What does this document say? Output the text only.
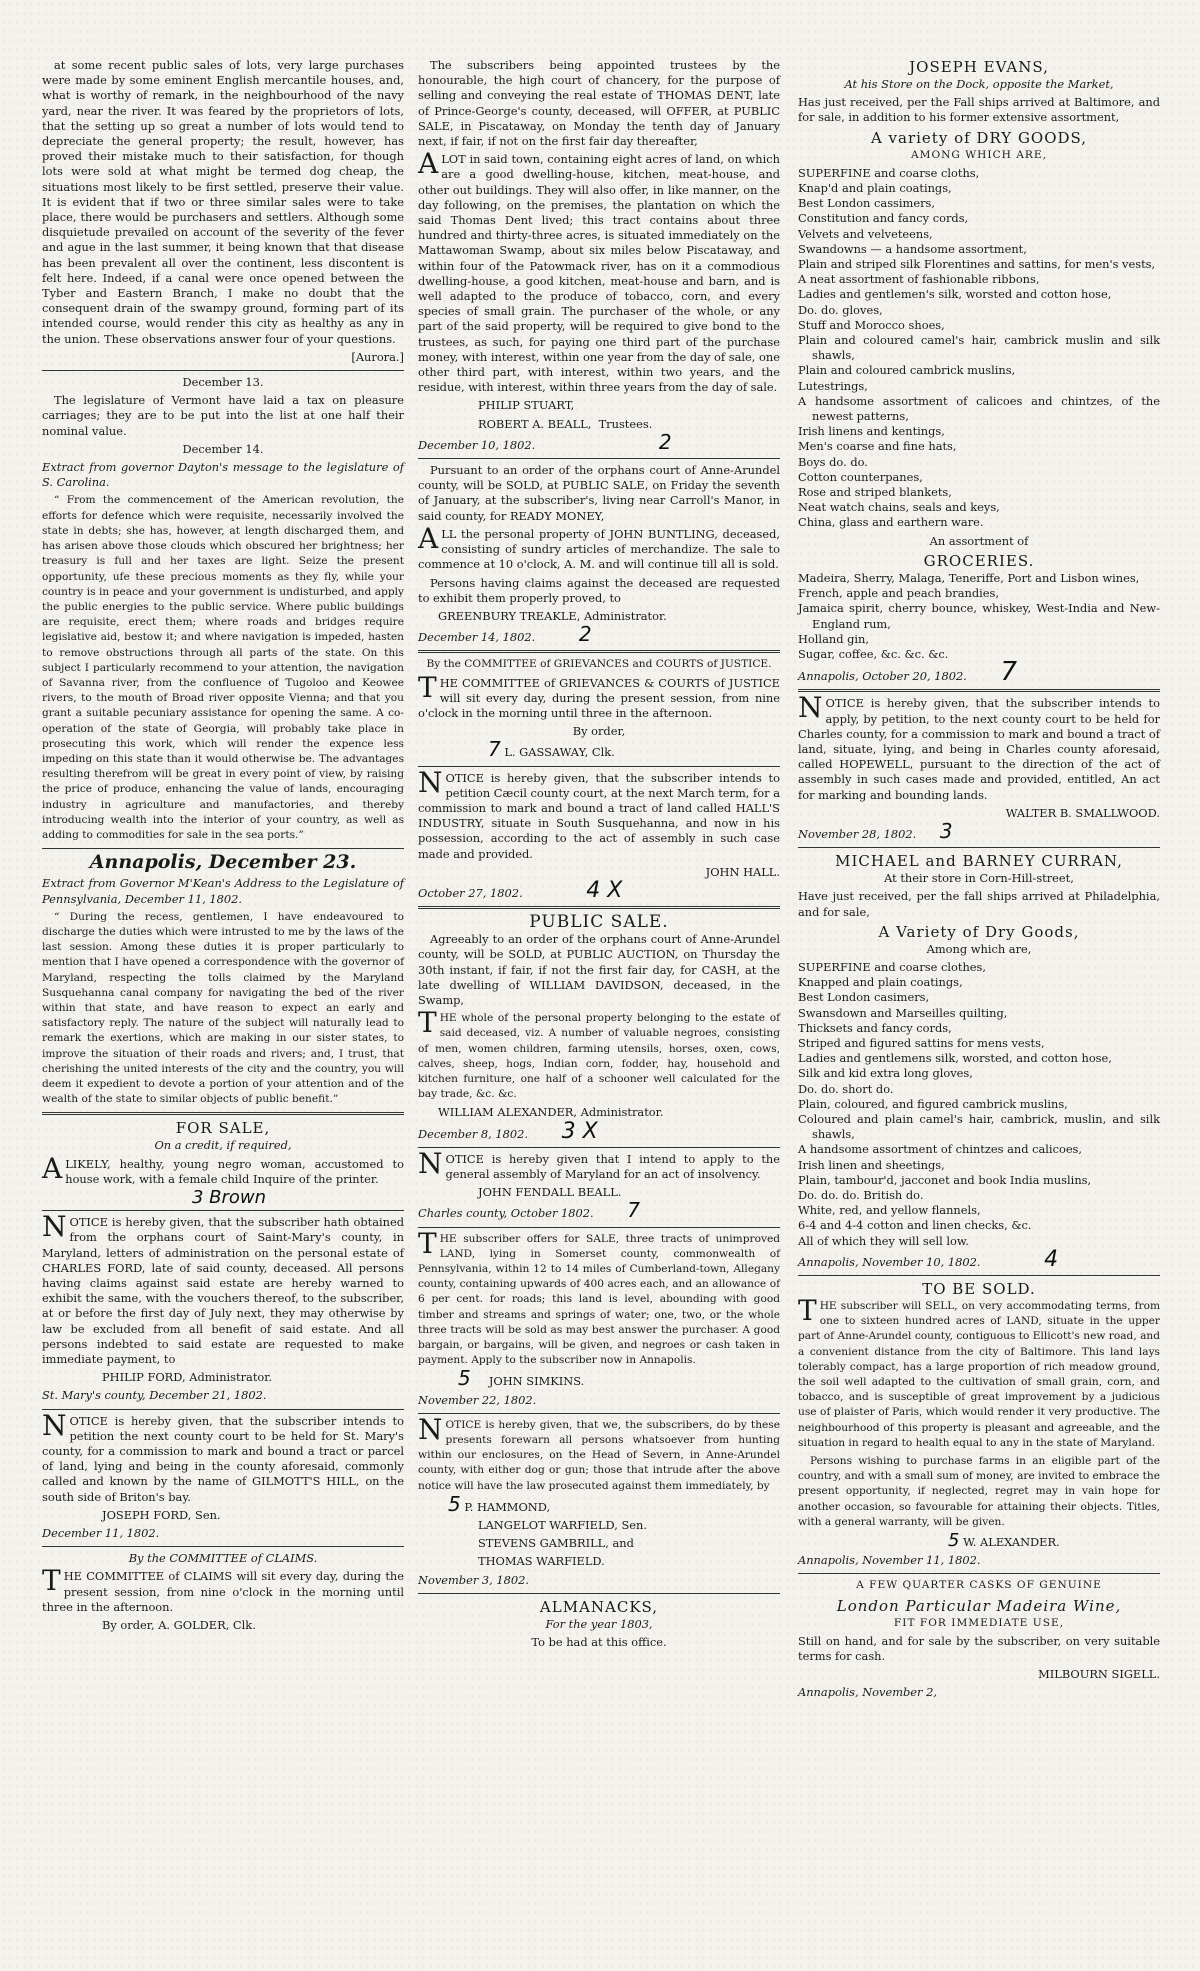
at some recent public sales of lots, very large purchases were made by some eminent English mercantile houses, and, what is worthy of remark, in the neighbourhood of the navy yard, near the river. It was feared by the proprietors of lots, that the setting up so great a number of lots would tend to depreciate the general property; the result, however, has proved their mistake much to their satisfaction, for though lots were sold at what might be termed dog cheap, the situations most likely to be first settled, preserve their value. It is evident that if two or three similar sales were to take place, there would be purchasers and settlers. Although some disquietude prevailed on account of the severity of the fever and ague in the last summer, it being known that that disease has been prevalent all over the continent, less discontent is felt here. Indeed, if a canal were once opened between the Tyber and Eastern Branch, I make no doubt that the consequent drain of the swampy ground, forming part of its intended course, would render this city as healthy as any in the union. These observations answer four of your questions.

[Aurora.]

December 13.

The legislature of Vermont have laid a tax on pleasure carriages; they are to be put into the list at one half their nominal value.

December 14.

Extract from governor Dayton's message to the legislature of S. Carolina.

“ From the commencement of the American revolution, the efforts for defence which were requisite, necessarily involved the state in debts; she has, however, at length discharged them, and has arisen above those clouds which obscured her brightness; her treasury is full and her taxes are light. Seize the present opportunity, ufe these precious moments as they fly, while your country is in peace and your government is undisturbed, and apply the public energies to the public service. Where public buildings are requisite, erect them; where roads and bridges require legislative aid, bestow it; and where navigation is impeded, hasten to remove obstructions through all parts of the state. On this subject I particularly recommend to your attention, the navigation of Savanna river, from the confluence of Tugoloo and Keowee rivers, to the mouth of Broad river opposite Vienna; and that you grant a suitable pecuniary assistance for opening the same. A co-operation of the state of Georgia, will probably take place in prosecuting this work, which will render the expence less impeding on this state than it would otherwise be. The advantages resulting therefrom will be great in every point of view, by raising the price of produce, enhancing the value of lands, encouraging industry in agriculture and manufactories, and thereby introducing wealth into the interior of your country, as well as adding to commodities for sale in the sea ports.”

Annapolis, December 23.

Extract from Governor M'Kean's Address to the Legislature of Pennsylvania, December 11, 1802.

“ During the recess, gentlemen, I have endeavoured to discharge the duties which were intrusted to me by the laws of the last session. Among these duties it is proper particularly to mention that I have opened a correspondence with the governor of Maryland, respecting the tolls claimed by the Maryland Susquehanna canal company for navigating the bed of the river within that state, and have reason to expect an early and satisfactory reply. The nature of the subject will naturally lead to remark the exertions, which are making in our sister states, to improve the situation of their roads and rivers; and, I trust, that cherishing the united interests of the city and the country, you will deem it expedient to devote a portion of your attention and of the wealth of the state to similar objects of public benefit.”

FOR SALE,

On a credit, if required,

ALIKELY, healthy, young negro woman, accustomed to house work, with a female child Inquire of the printer.

3 Brown

NOTICE is hereby given, that the subscriber hath obtained from the orphans court of Saint-Mary's county, in Maryland, letters of administration on the personal estate of CHARLES FORD, late of said county, deceased. All persons having claims against said estate are hereby warned to exhibit the same, with the vouchers thereof, to the subscriber, at or before the first day of July next, they may otherwise by law be excluded from all benefit of said estate. And all persons indebted to said estate are requested to make immediate payment, to

PHILIP FORD, Administrator.

St. Mary's county, December 21, 1802.

NOTICE is hereby given, that the subscriber intends to petition the next county court to be held for St. Mary's county, for a commission to mark and bound a tract or parcel of land, lying and being in the county aforesaid, commonly called and known by the name of GILMOTT'S HILL, on the south side of Briton's bay.

JOSEPH FORD, Sen.

December 11, 1802.

By the COMMITTEE of CLAIMS.

THE COMMITTEE of CLAIMS will sit every day, during the present session, from nine o'clock in the morning until three in the afternoon.

By order, A. GOLDER, Clk.

The subscribers being appointed trustees by the honourable, the high court of chancery, for the purpose of selling and conveying the real estate of THOMAS DENT, late of Prince-George's county, deceased, will OFFER, at PUBLIC SALE, in Piscataway, on Monday the tenth day of January next, if fair, if not on the first fair day thereafter,

ALOT in said town, containing eight acres of land, on which are a good dwelling-house, kitchen, meat-house, and other out buildings. They will also offer, in like manner, on the day following, on the premises, the plantation on which the said Thomas Dent lived; this tract contains about three hundred and thirty-three acres, is situated immediately on the Mattawoman Swamp, about six miles below Piscataway, and within four of the Patowmack river, has on it a commodious dwelling-house, a good kitchen, meat-house and barn, and is well adapted to the produce of tobacco, corn, and every species of small grain. The purchaser of the whole, or any part of the said property, will be required to give bond to the trustees, as such, for paying one third part of the purchase money, with interest, within one year from the day of sale, one other third part, with interest, within two years, and the residue, with interest, within three years from the day of sale.

PHILIP STUART,

ROBERT A. BEALL, Trustees.

December 10, 1802.	2

Pursuant to an order of the orphans court of Anne-Arundel county, will be SOLD, at PUBLIC SALE, on Friday the seventh of January, at the subscriber's, living near Carroll's Manor, in said county, for READY MONEY,

ALL the personal property of JOHN BUNTLING, deceased, consisting of sundry articles of merchandize. The sale to commence at 10 o'clock, A. M. and will continue till all is sold.

Persons having claims against the deceased are requested to exhibit them properly proved, to

GREENBURY TREAKLE, Administrator.

December 14, 1802. 2

By the COMMITTEE of GRIEVANCES and COURTS of JUSTICE.

THE COMMITTEE of GRIEVANCES & COURTS of JUSTICE will sit every day, during the present session, from nine o'clock in the morning until three in the afternoon.

By order,

7 L. GASSAWAY, Clk.

NOTICE is hereby given, that the subscriber intends to petition Cæcil county court, at the next March term, for a commission to mark and bound a tract of land called HALL'S INDUSTRY, situate in South Susquehanna, and now in his possession, according to the act of assembly in such case made and provided.

JOHN HALL.

October 27, 1802.	4 X

PUBLIC SALE.

Agreeably to an order of the orphans court of Anne-Arundel county, will be SOLD, at PUBLIC AUCTION, on Thursday the 30th instant, if fair, if not the first fair day, for CASH, at the late dwelling of WILLIAM DAVIDSON, deceased, in the Swamp,

THE whole of the personal property belonging to the estate of said deceased, viz. A number of valuable negroes, consisting of men, women children, farming utensils, horses, oxen, cows, calves, sheep, hogs, Indian corn, fodder, hay, household and kitchen furniture, one half of a schooner well calculated for the bay trade, &c. &c.

WILLIAM ALEXANDER, Administrator.

December 8, 1802. 3 X

NOTICE is hereby given that I intend to apply to the general assembly of Maryland for an act of insolvency.

JOHN FENDALL BEALL.

Charles county, October 1802. 7

THE subscriber offers for SALE, three tracts of unimproved LAND, lying in Somerset county, commonwealth of Pennsylvania, within 12 to 14 miles of Cumberland-town, Allegany county, containing upwards of 400 acres each, and an allowance of 6 per cent. for roads; this land is level, abounding with good timber and streams and springs of water; one, two, or the whole three tracts will be sold as may best answer the purchaser. A good bargain, or bargains, will be given, and negroes or cash taken in payment. Apply to the subscriber now in Annapolis.

5 JOHN SIMKINS.

November 22, 1802.

NOTICE is hereby given, that we, the subscribers, do by these presents forewarn all persons whatsoever from hunting within our enclosures, on the Head of Severn, in Anne-Arundel county, with either dog or gun; those that intrude after the above notice will have the law prosecuted against them immediately, by

5 P. HAMMOND,

LANGELOT WARFIELD, Sen.

STEVENS GAMBRILL, and

THOMAS WARFIELD.

November 3, 1802.

ALMANACKS,

For the year 1803,

To be had at this office.

JOSEPH EVANS,

At his Store on the Dock, opposite the Market,

Has just received, per the Fall ships arrived at Baltimore, and for sale, in addition to his former extensive assortment,

A variety of DRY GOODS,

AMONG WHICH ARE,

SUPERFINE and coarse cloths,
Knap'd and plain coatings,
Best London cassimers,
Constitution and fancy cords,
Velvets and velveteens,
Swandowns — a handsome assortment,
Plain and striped silk Florentines and sattins, for men's vests,
A neat assortment of fashionable ribbons,
Ladies and gentlemen's silk, worsted and cotton hose,
Do. do. gloves,
Stuff and Morocco shoes,
Plain and coloured camel's hair, cambrick muslin and silk shawls,
Plain and coloured cambrick muslins,
Lutestrings,
A handsome assortment of calicoes and chintzes, of the newest patterns,
Irish linens and kentings,
Men's coarse and fine hats,
Boys do. do.
Cotton counterpanes,
Rose and striped blankets,
Neat watch chains, seals and keys,
China, glass and earthern ware.

An assortment of

GROCERIES.
Madeira, Sherry, Malaga, Teneriffe, Port and Lisbon wines,
French, apple and peach brandies,
Jamaica spirit, cherry bounce, whiskey, West-India and New-England rum,
Holland gin,
Sugar, coffee, &c. &c. &c.

Annapolis, October 20, 1802. 7

NOTICE is hereby given, that the subscriber intends to apply, by petition, to the next county court to be held for Charles county, for a commission to mark and bound a tract of land, situate, lying, and being in Charles county aforesaid, called HOPEWELL, pursuant to the direction of the act of assembly in such cases made and provided, entitled, An act for marking and bounding lands.

WALTER B. SMALLWOOD.

November 28, 1802. 3

MICHAEL and BARNEY CURRAN,

At their store in Corn-Hill-street,

Have just received, per the fall ships arrived at Philadelphia, and for sale,

A Variety of Dry Goods,

Among which are,

SUPERFINE and coarse clothes,
Knapped and plain coatings,
Best London casimers,
Swansdown and Marseilles quilting,
Thicksets and fancy cords,
Striped and figured sattins for mens vests,
Ladies and gentlemens silk, worsted, and cotton hose,
Silk and kid extra long gloves,
Do. do. short do.
Plain, coloured, and figured cambrick muslins,
Coloured and plain camel's hair, cambrick, muslin, and silk shawls,
A handsome assortment of chintzes and calicoes,
Irish linen and sheetings,
Plain, tambour'd, jacconet and book India muslins,
Do. do. do. British do.
White, red, and yellow flannels,
6-4 and 4-4 cotton and linen checks, &c.
All of which they will sell low.

Annapolis, November 10, 1802.	4

TO BE SOLD.

THE subscriber will SELL, on very accommodating terms, from one to sixteen hundred acres of LAND, situate in the upper part of Anne-Arundel county, contiguous to Ellicott's new road, and a convenient distance from the city of Baltimore. This land lays tolerably compact, has a large proportion of rich meadow ground, the soil well adapted to the cultivation of small grain, corn, and tobacco, and is susceptible of great improvement by a judicious use of plaister of Paris, which would render it very productive. The neighbourhood of this property is pleasant and agreeable, and the situation in regard to health equal to any in the state of Maryland.

Persons wishing to purchase farms in an eligible part of the country, and with a small sum of money, are invited to embrace the present opportunity, if neglected, regret may in vain hope for another occasion, so favourable for attaining their objects. Titles, with a general warranty, will be given.

5 W. ALEXANDER.

Annapolis, November 11, 1802.

A FEW QUARTER CASKS OF GENUINE

London Particular Madeira Wine,

FIT FOR IMMEDIATE USE,

Still on hand, and for sale by the subscriber, on very suitable terms for cash.

MILBOURN SIGELL.

Annapolis, November 2,
